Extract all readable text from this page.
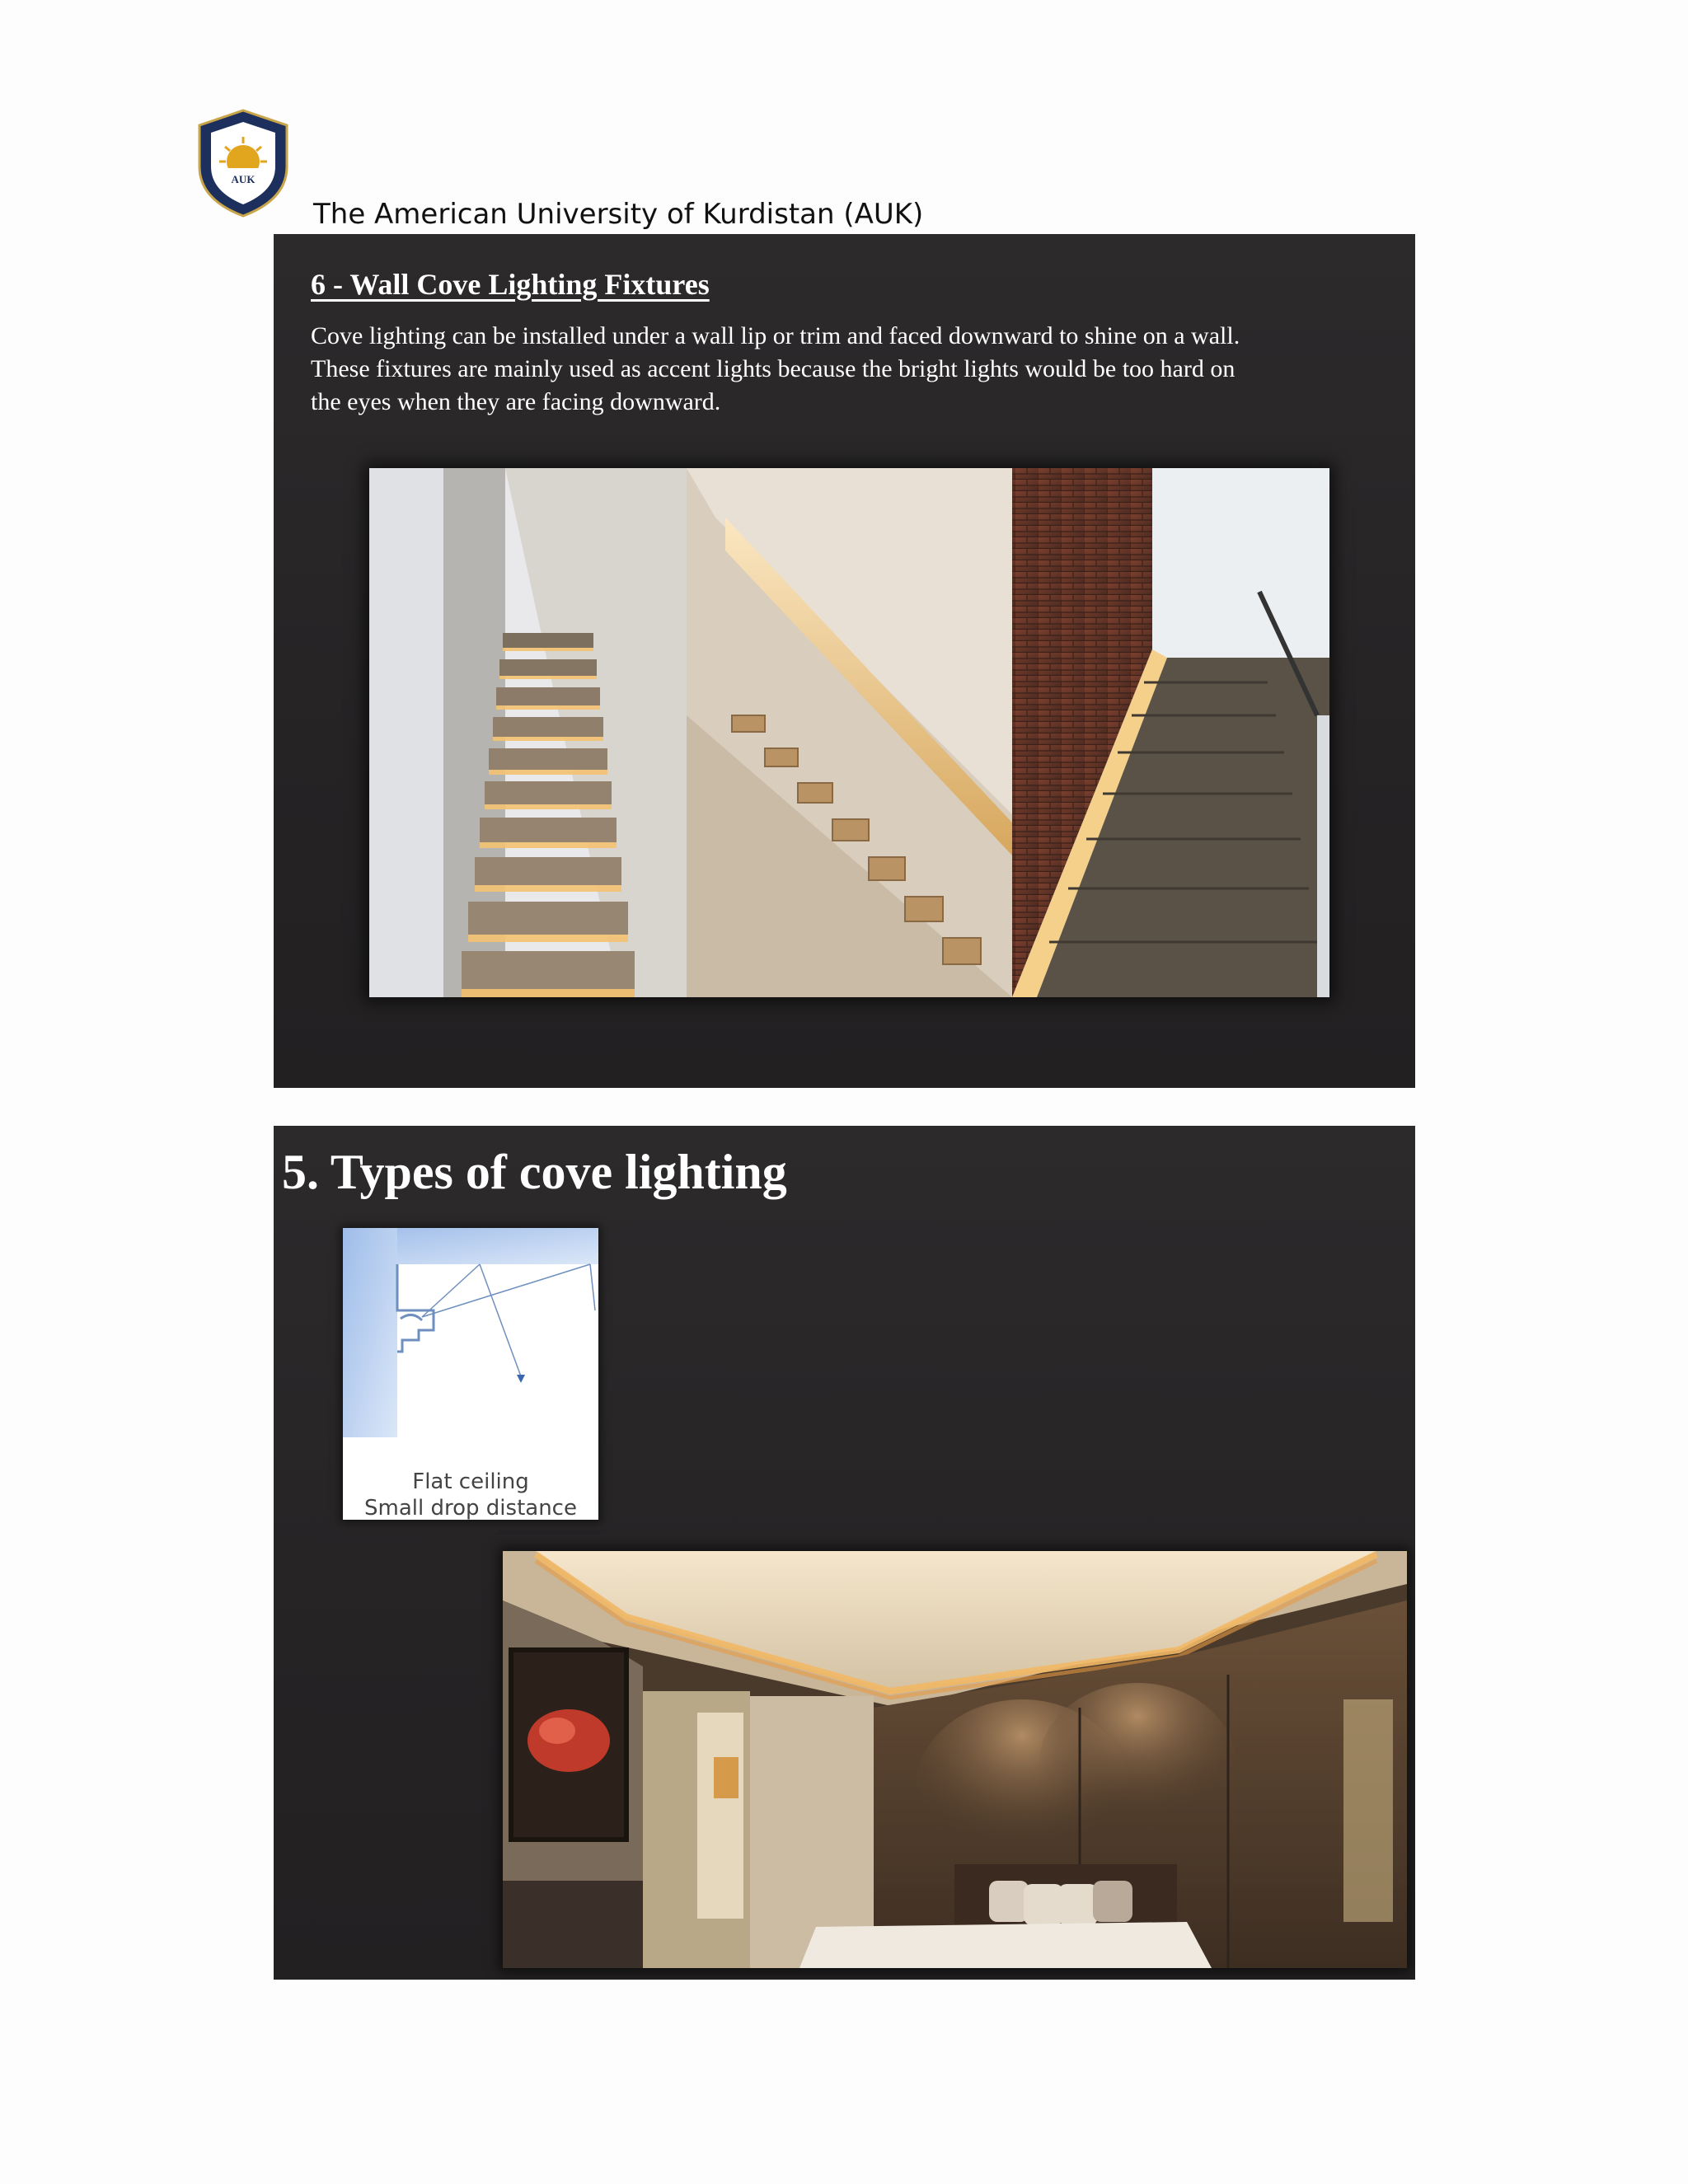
AUK
The American University of Kurdistan (AUK)
6 - Wall Cove Lighting Fixtures
Cove lighting can be installed under a wall lip or trim and faced downward to shine on a wall.
These fixtures are mainly used as accent lights because the bright lights would be too hard on
the eyes when they are facing downward.
5. Types of cove lighting
Flat ceiling
Small drop distance
